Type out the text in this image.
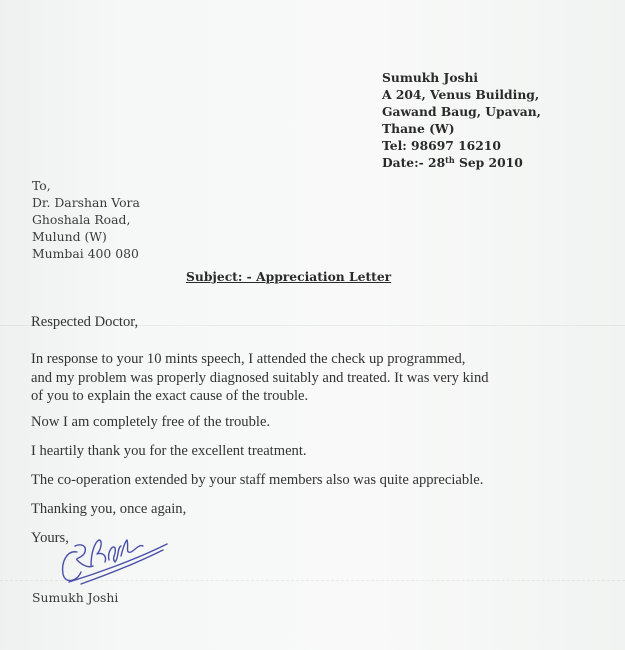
Sumukh Joshi
A 204, Venus Building,
Gawand Baug, Upavan,
Thane (W)
Tel: 98697 16210
Date:- 28th Sep 2010
To,
Dr. Darshan Vora
Ghoshala Road,
Mulund (W)
Mumbai 400 080
Subject: - Appreciation Letter
Respected Doctor,
In response to your 10 mints speech, I attended the check up programmed,
and my problem was properly diagnosed suitably and treated. It was very kind
of you to explain the exact cause of the trouble.
Now I am completely free of the trouble.
I heartily thank you for the excellent treatment.
The co-operation extended by your staff members also was quite appreciable.
Thanking you, once again,
Yours,
Sumukh Joshi
